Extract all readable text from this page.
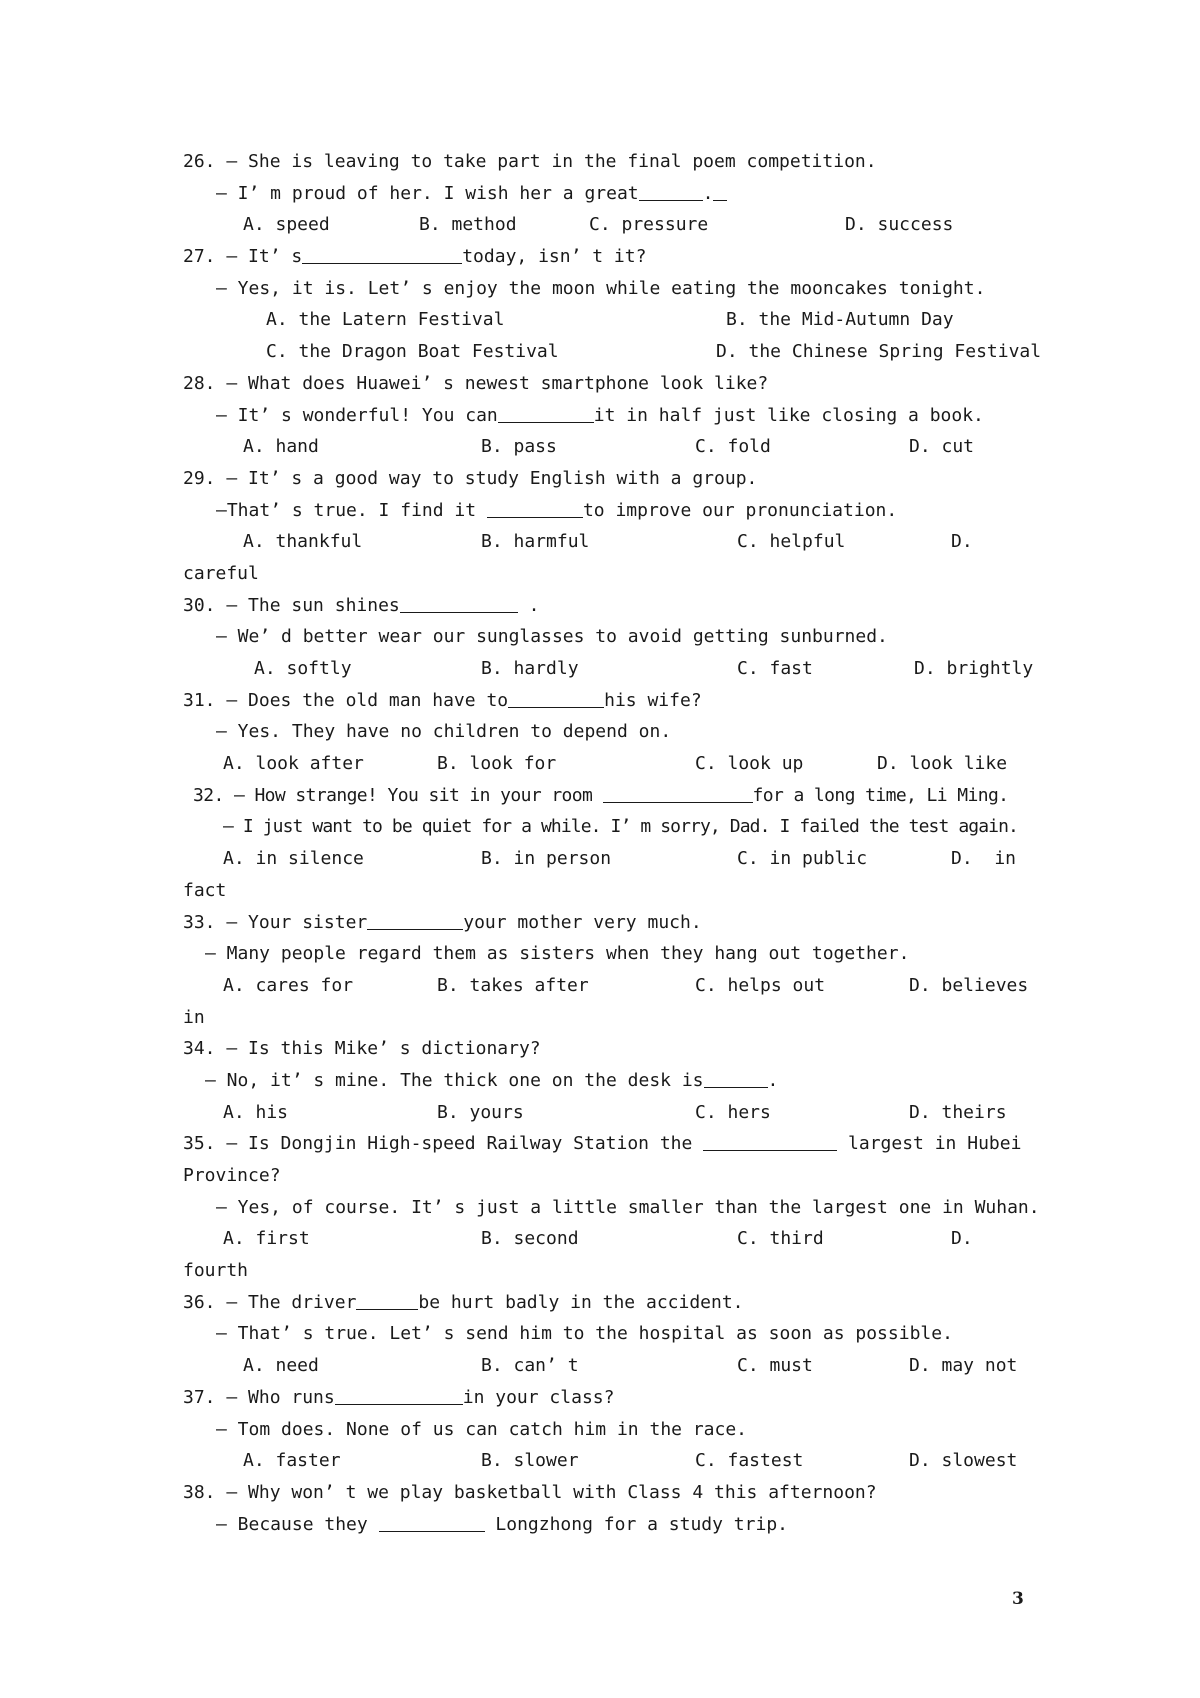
26. — She is leaving to take part in the final poem competition.
— I’ m proud of her. I wish her a great	.

A. speed

	B. method

	C. pressure

	D. success

27. — It’ s	today, isn’ t it?
— Yes, it is. Let’ s enjoy the moon while eating the mooncakes tonight.

A. the Latern Festival

	B. the Mid-Autumn Day

C. the Dragon Boat Festival

	D. the Chinese Spring Festival

28. — What does Huawei’ s newest smartphone look like?
— It’ s wonderful! You can	it in half just like closing a book.

A. hand

	B. pass

	C. fold

	D. cut

29. — It’ s a good way to study English with a group.
—That’ s true. I find it	to improve our pronunciation.

A. thankful

	B. harmful

	C. helpful

	D.

careful
30. — The sun shines	.
— We’ d better wear our sunglasses to avoid getting sunburned.

A. softly

	B. hardly

	C. fast

	D. brightly

31. — Does the old man have to	his wife?
— Yes. They have no children to depend on.

A. look after

	B. look for

	C. look up

	D. look like

32. — How strange! You sit in your room	for a long time, Li Ming.
— I just want to be quiet for a while. I’ m sorry, Dad. I failed the test again.

A. in silence

	B. in person

	C. in public

	D.  in

fact
33. — Your sister	your mother very much.
— Many people regard them as sisters when they hang out together.

A. cares for

	B. takes after

	C. helps out

	D. believes

in
34. — Is this Mike’ s dictionary?
— No, it’ s mine. The thick one on the desk is	.

A. his

	B. yours

	C. hers

	D. theirs

35. — Is Dongjin High-speed Railway Station the	largest in Hubei
Province?
— Yes, of course. It’ s just a little smaller than the largest one in Wuhan.

A. first

	B. second

	C. third

	D.

fourth
36. — The driver	be hurt badly in the accident.
— That’ s true. Let’ s send him to the hospital as soon as possible.

A. need

	B. can’ t

	C. must

	D. may not

37. — Who runs	in your class?
— Tom does. None of us can catch him in the race.

A. faster

	B. slower

	C. fastest

	D. slowest

38. — Why won’ t we play basketball with Class 4 this afternoon?
— Because they	Longzhong for a study trip.
3
